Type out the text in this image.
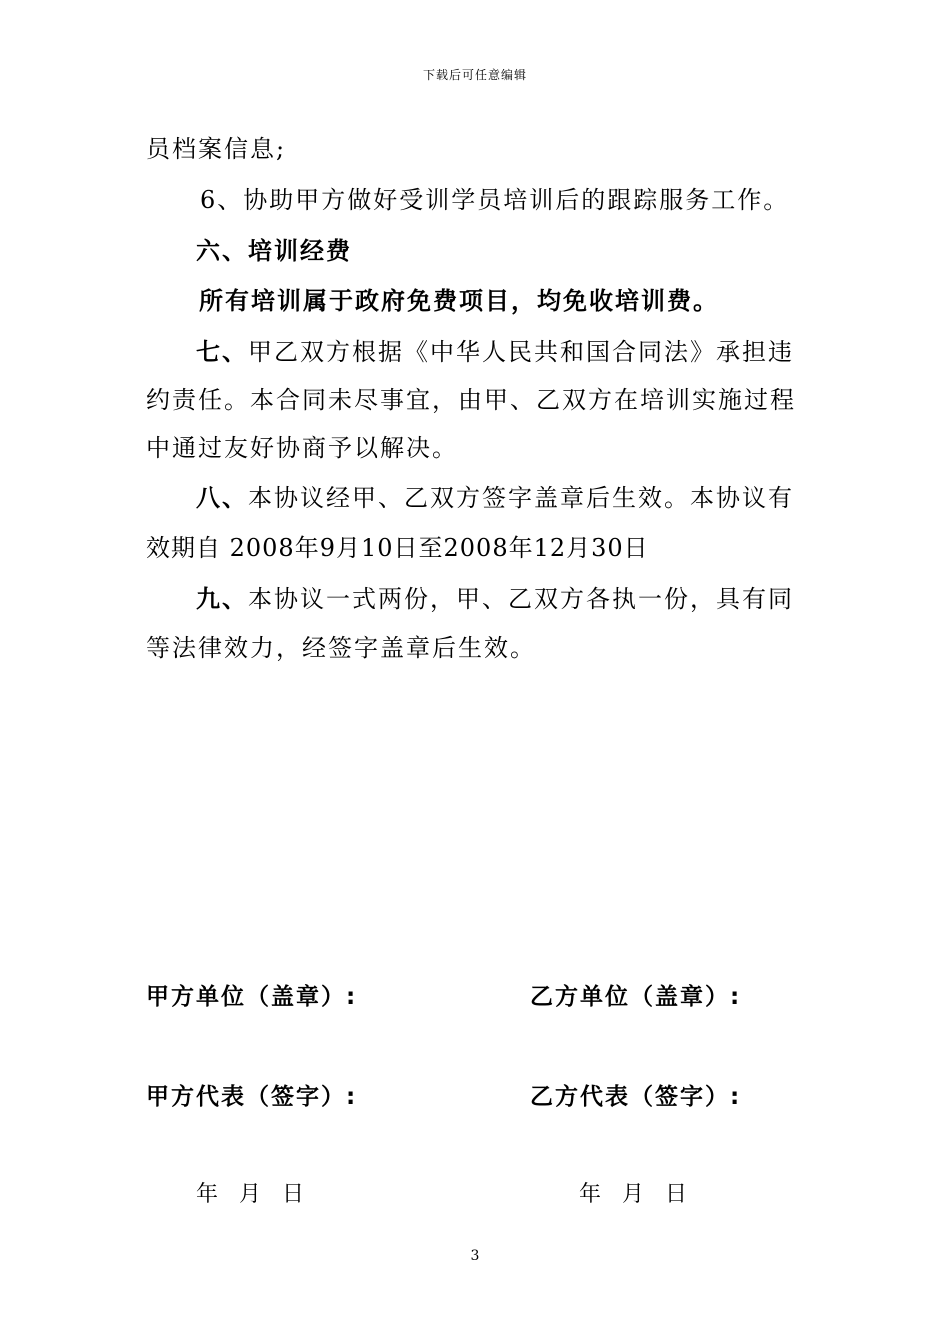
下载后可任意编辑
员档案信息;
6、协助甲方做好受训学员培训后的跟踪服务工作。
六、培训经费
所有培训属于政府免费项目，均免收培训费。
七、甲乙双方根据《中华人民共和国合同法》承担违
约责任。本合同未尽事宜，由甲、乙双方在培训实施过程
中通过友好协商予以解决。
八、本协议经甲、乙双方签字盖章后生效。本协议有
效期自 2008年9月10日至2008年12月30日
九、本协议一式两份，甲、乙双方各执一份，具有同
等法律效力，经签字盖章后生效。
甲方单位（盖章）:	乙方单位（盖章）:
甲方代表（签字）:	乙方代表（签字）:
年   月   日	年   月   日
3
